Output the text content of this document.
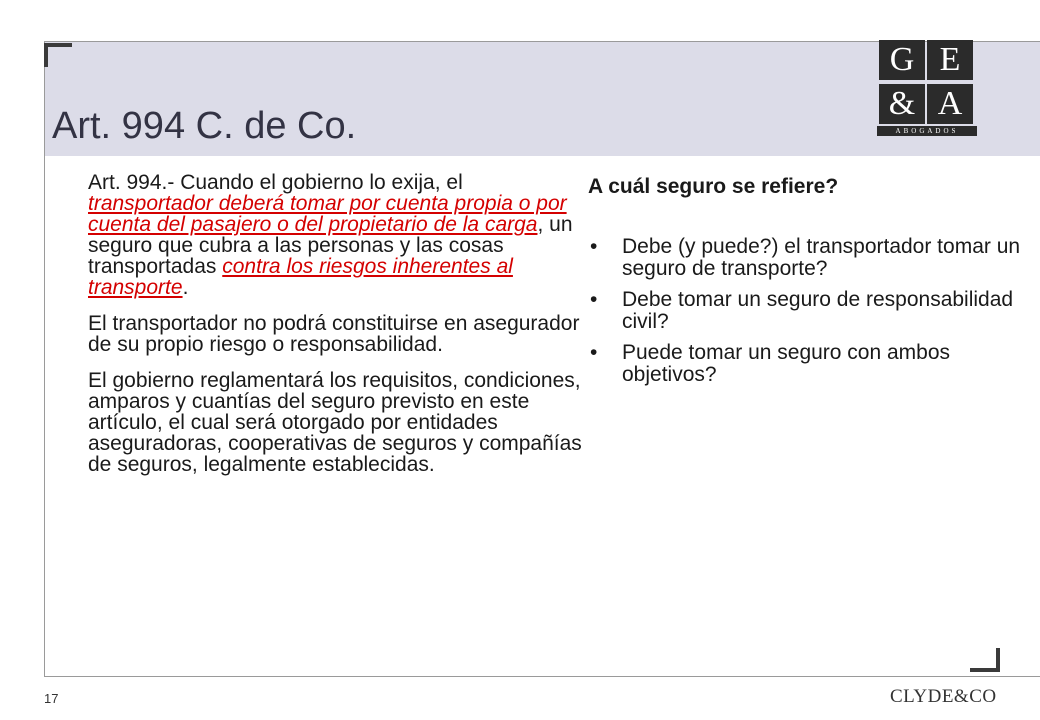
Art. 994 C. de Co.
G E
& A
ABOGADOS

Art. 994.- Cuando el gobierno lo exija, el transportador deberá tomar por cuenta propia o por cuenta del pasajero o del propietario de la carga, un seguro que cubra a las personas y las cosas transportadas contra los riesgos inherentes al transporte.

El transportador no podrá constituirse en asegurador de su propio riesgo o responsabilidad.

El gobierno reglamentará los requisitos, condiciones, amparos y cuantías del seguro previsto en este artículo, el cual será otorgado por entidades aseguradoras, cooperativas de seguros y compañías de seguros, legalmente establecidas.

A cuál seguro se refiere?
• Debe (y puede?) el transportador tomar un seguro de transporte?
• Debe tomar un seguro de responsabilidad civil?
• Puede tomar un seguro con ambos objetivos?
17	CLYDE&CO
